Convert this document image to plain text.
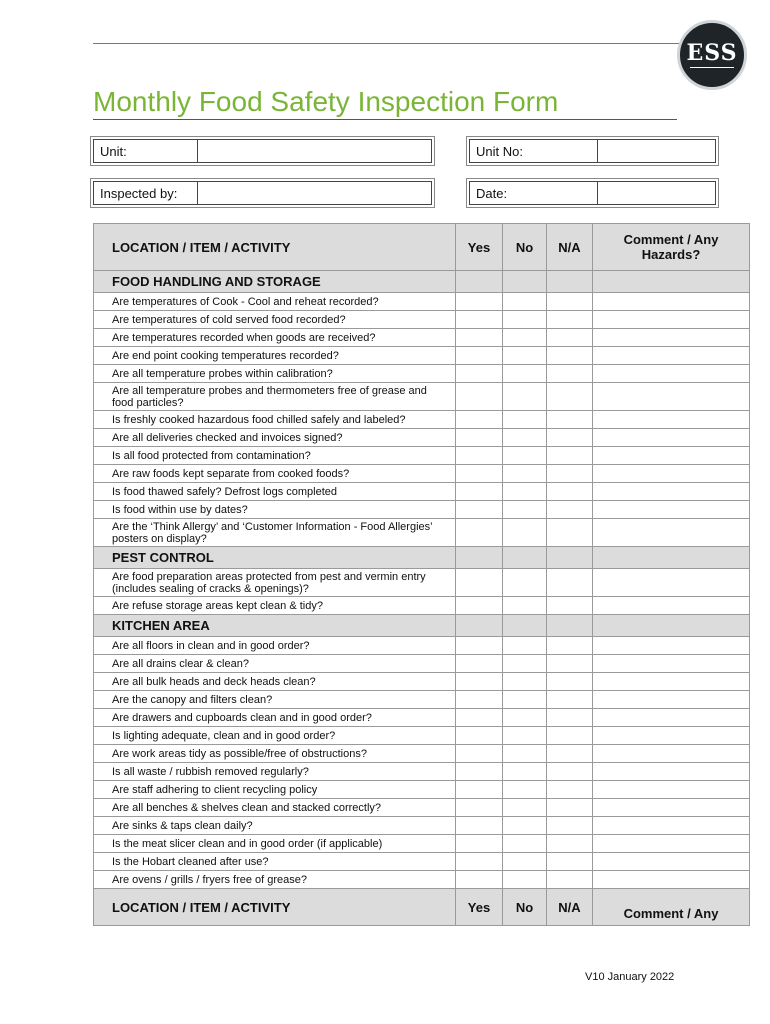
ESS
Monthly Food Safety Inspection Form
Unit:	Unit No:
Inspected by:	Date:
LOCATION / ITEM / ACTIVITY	Yes	No	N/A	Comment / Any Hazards?
FOOD HANDLING AND STORAGE				
Are temperatures of Cook - Cool and reheat recorded?				
Are temperatures of cold served food recorded?				
Are temperatures recorded when goods are received?				
Are end point cooking temperatures recorded?				
Are all temperature probes within calibration?				
Are all temperature probes and thermometers free of grease and food particles?				
Is freshly cooked hazardous food chilled safely and labeled?				
Are all deliveries checked and invoices signed?				
Is all food protected from contamination?				
Are raw foods kept separate from cooked foods?				
Is food thawed safely? Defrost logs completed				
Is food within use by dates?				
Are the ‘Think Allergy’ and ‘Customer Information - Food Allergies’ posters on display?				
PEST CONTROL				
Are food preparation areas protected from pest and vermin entry (includes sealing of cracks & openings)?				
Are refuse storage areas kept clean & tidy?				
KITCHEN AREA				
Are all floors in clean and in good order?				
Are all drains clear & clean?				
Are all bulk heads and deck heads clean?				
Are the canopy and filters clean?				
Are drawers and cupboards clean and in good order?				
Is lighting adequate, clean and in good order?				
Are work areas tidy as possible/free of obstructions?				
Is all waste / rubbish removed regularly?				
Are staff adhering to client recycling policy				
Are all benches & shelves clean and stacked correctly?				
Are sinks & taps clean daily?				
Is the meat slicer clean and in good order (if applicable)				
Is the Hobart cleaned after use?				
Are ovens / grills / fryers free of grease?				
LOCATION / ITEM / ACTIVITY	Yes	No	N/A	Comment / Any
V10 January 2022
